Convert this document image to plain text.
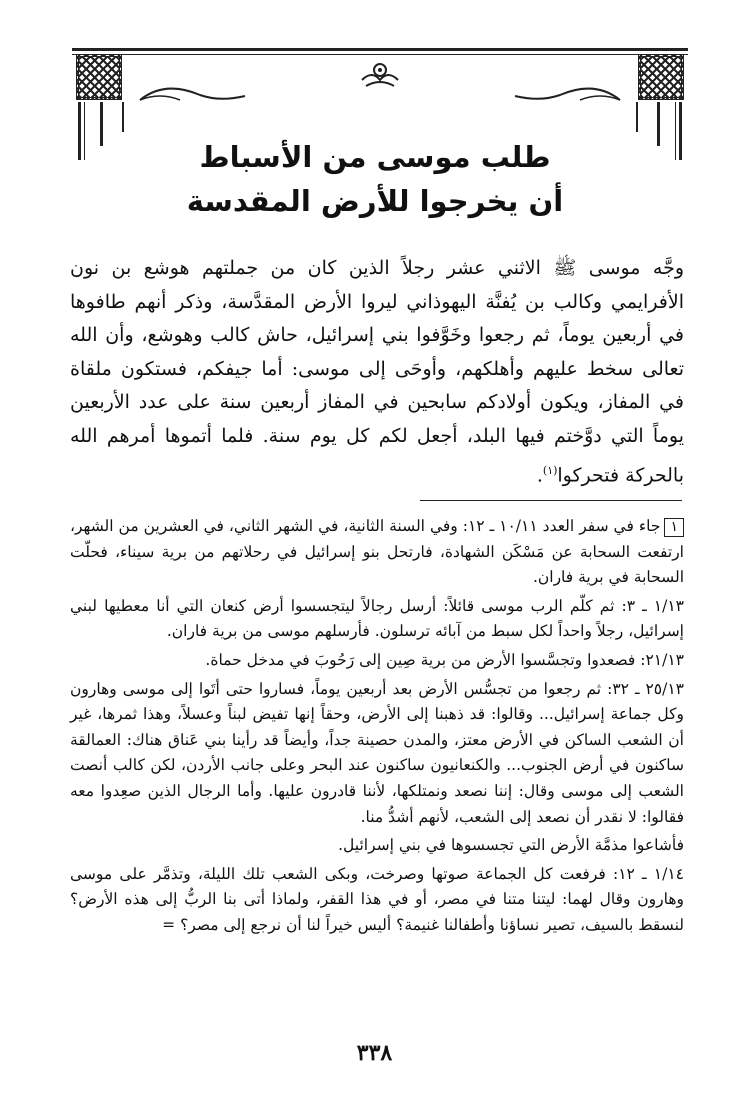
طلب موسى من الأسباط
أن يخرجوا للأرض المقدسة
وجَّه موسى ﷺ الاثني عشر رجلاً الذين كان من جملتهم هوشع بن نون الأفرايمي وكالب بن يُفنَّة اليهوذاني ليروا الأرض المقدَّسة، وذكر أنهم طافوها في أربعين يوماً، ثم رجعوا وخَوَّفوا بني إسرائيل، حاش كالب وهوشع، وأن الله تعالى سخط عليهم وأهلكهم، وأوحَى إلى موسى: أما جيفكم، فستكون ملقاة في المفاز، ويكون أولادكم سابحين في المفاز أربعين سنة على عدد الأربعين يوماً التي دوَّختم فيها البلد، أجعل لكم كل يوم سنة. فلما أتموها أمرهم الله بالحركة فتحركوا$^{(١)}$.

١جاء في سفر العدد ١٠/١١ ـ ١٢: وفي السنة الثانية، في الشهر الثاني، في العشرين من الشهر، ارتفعت السحابة عن مَسْكَن الشهادة، فارتحل بنو إسرائيل في رحلاتهم من برية سيناء، فحلّت السحابة في برية فاران.

١/١٣ ـ ٣: ثم كلّم الرب موسى قائلاً: أرسل رجالاً ليتجسسوا أرض كنعان التي أنا معطيها لبني إسرائيل، رجلاً واحداً لكل سبط من آبائه ترسلون. فأرسلهم موسى من برية فاران.

٢١/١٣: فصعدوا وتجسَّسوا الأرض من برية صِين إلى رَحُوبَ في مدخل حماة.

٢٥/١٣ ـ ٣٢: ثم رجعوا من تجسُّس الأرض بعد أربعين يوماً، فساروا حتى أتَوا إلى موسى وهارون وكل جماعة إسرائيل... وقالوا: قد ذهبنا إلى الأرض، وحقاً إنها تفيض لبناً وعسلاً، وهذا ثمرها، غير أن الشعب الساكن في الأرض معتز، والمدن حصينة جداً، وأيضاً قد رأينا بني عَناق هناك: العمالقة ساكنون في أرض الجنوب... والكنعانيون ساكنون عند البحر وعلى جانب الأردن، لكن كالب أنصت الشعب إلى موسى وقال: إننا نصعد ونمتلكها، لأننا قادرون عليها. وأما الرجال الذين صعِدوا معه فقالوا: لا نقدر أن نصعد إلى الشعب، لأنهم أشدُّ منا.

فأشاعوا مذمَّة الأرض التي تجسسوها في بني إسرائيل.

١/١٤ ـ ١٢: فرفعت كل الجماعة صوتها وصرخت، وبكى الشعب تلك الليلة، وتذمَّر على موسى وهارون وقال لهما: ليتنا متنا في مصر، أو في هذا القفر، ولماذا أتى بنا الربُّ إلى هذه الأرض؟ لنسقط بالسيف، تصير نساؤنا وأطفالنا غنيمة؟ أليس خيراً لنا أن نرجع إلى مصر؟ =

٣٣٨
